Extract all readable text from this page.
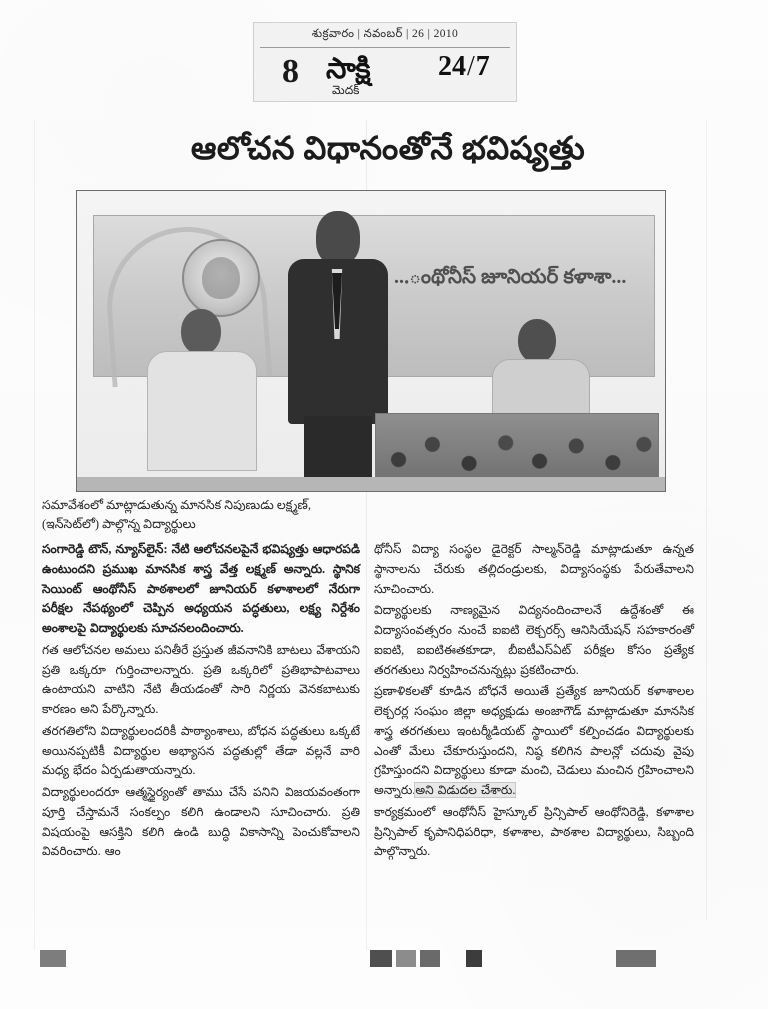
శుక్రవారం | నవంబర్ | 26 | 2010
8 సాక్షి 24/7
మెదక్
ఆలోచన విధానంతోనే భవిష్యత్తు
...ంథోనీస్ జూనియర్ కళాశా...
సమావేశంలో మాట్లాడుతున్న మానసిక నిపుణుడు లక్ష్మణ్, (ఇన్‌సెట్‌లో) పాల్గొన్న విద్యార్థులు

సంగారెడ్డి టౌన్, న్యూస్‌లైన్: నేటి ఆలోచనలపైనే భవిష్యత్తు ఆధారపడి ఉంటుందని ప్రముఖ మానసిక శాస్త్ర వేత్త లక్ష్మణ్ అన్నారు. స్థానిక సెయింట్ ఆంథోనీస్ పాఠశాలలో జూనియర్ కళాశాలలో నేరుగా పరీక్షల నేపథ్యంలో చెప్పిన అధ్యయన పద్ధతులు, లక్ష్య నిర్దేశం అంశాలపై విద్యార్థులకు సూచనలందించారు.

గత ఆలోచనల అమలు పనితీరే ప్రస్తుత జీవనానికి బాటలు వేశాయని ప్రతి ఒక్కరూ గుర్తించాలన్నారు. ప్రతి ఒక్కరిలో ప్రతిభాపాటవాలు ఉంటాయని వాటిని నేటి తీయడంతో సారి నిర్ణయ వెనకబాటుకు కారణం అని పేర్కొన్నారు.

తరగతిలోని విద్యార్థులందరికీ పాఠ్యాంశాలు, బోధన పద్ధతులు ఒక్కటే అయినప్పటికీ విద్యార్థుల అభ్యాసన పద్ధతుల్లో తేడా వల్లనే వారి మధ్య భేదం ఏర్పడుతాయన్నారు.

విద్యార్థులందరూ ఆత్మస్థైర్యంతో తాము చేసే పనిని విజయవంతంగా పూర్తి చేస్తామనే సంకల్పం కలిగి ఉండాలని సూచించారు. ప్రతి విషయంపై ఆసక్తిని కలిగి ఉండి బుద్ధి వికాసాన్ని పెంచుకోవాలని వివరించారు. ఆం

థోనీస్ విద్యా సంస్థల డైరెక్టర్ సాల్మన్‌రెడ్డి మాట్లాడుతూ ఉన్నత స్థానాలను చేరుకు తల్లిదండ్రులకు, విద్యాసంస్థకు పేరుతేవాలని సూచించారు.

విద్యార్థులకు నాణ్యమైన విద్యనందించాలనే ఉద్దేశంతో ఈ విద్యాసంవత్సరం నుంచే ఐఐటి లెక్చరర్స్ ఆనిసియేషన్ సహకారంతో ఐఐటి, ఐఐటిఈతకూడా, బీఐటీఎస్ఏట్ పరీక్షల కోసం ప్రత్యేక తరగతులు నిర్వహించనున్నట్లు ప్రకటించారు.

ప్రణాళికలతో కూడిన బోధనే అయితే ప్రత్యేక జూనియర్ కళాశాలల లెక్చరర్ల సంఘం జిల్లా అధ్యక్షుడు అంజాగౌడ్ మాట్లాడుతూ మానసిక శాస్త్ర తరగతులు ఇంటర్మీడియట్ స్థాయిలో కల్పించడం విద్యార్థులకు ఎంతో మేలు చేకూరుస్తుందని, నిష్ఠ కలిగిన పాలన్లో చదువు వైపు గ్రహిస్తుందని విద్యార్థులు కూడా మంచి, చెడులు మంచిన గ్రహించాలని అన్నారు.అని విడుదల చేశారు.

కార్యక్రమంలో ఆంథోనీస్ హైస్కూల్ ప్రిన్సిపాల్ ఆంథోనిరెడ్డి, కళాశాల ప్రిన్సిపాల్ కృపానిధిపరిధా, కళాశాల, పాఠశాల విద్యార్థులు, సిబ్బంది పాల్గొన్నారు.
